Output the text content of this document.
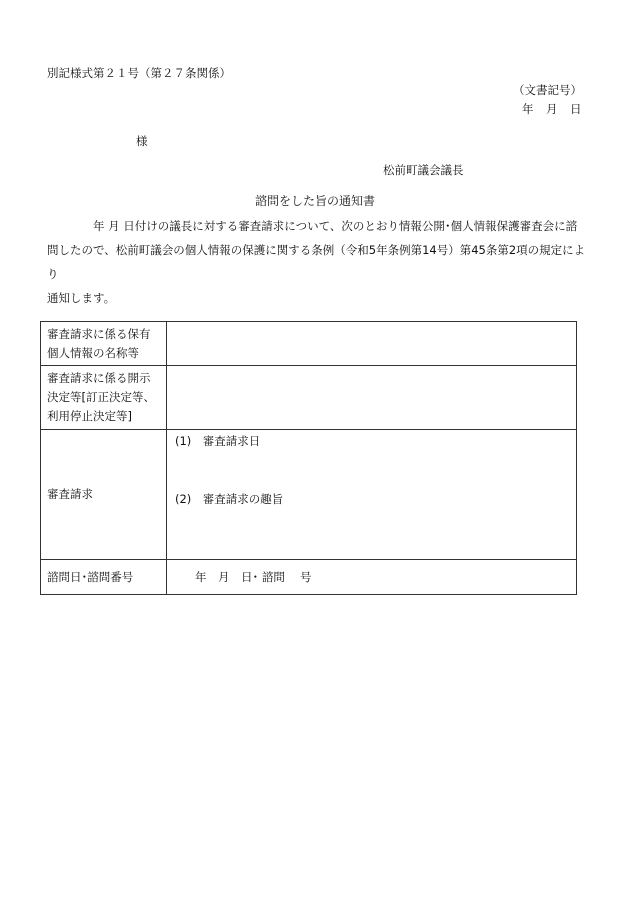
別記様式第２１号（第２７条関係）
（文書記号）
年　月　日
様
松前町議会議長
諮問をした旨の通知書

年 月 日付けの議長に対する審査請求について、次のとおり情報公開･個人情報保護審査会に諮

問したので、松前町議会の個人情報の保護に関する条例（令和5年条例第14号）第45条第2項の規定により

通知します。

審査請求に係る保有
個人情報の名称等	

審査請求に係る開示
決定等[訂正決定等、
利用停止決定等]	

審査請求	(1)　審査請求日
(2)　審査請求の趣旨

諮問日･諮問番号	年　月　日･ 諮問　 号
